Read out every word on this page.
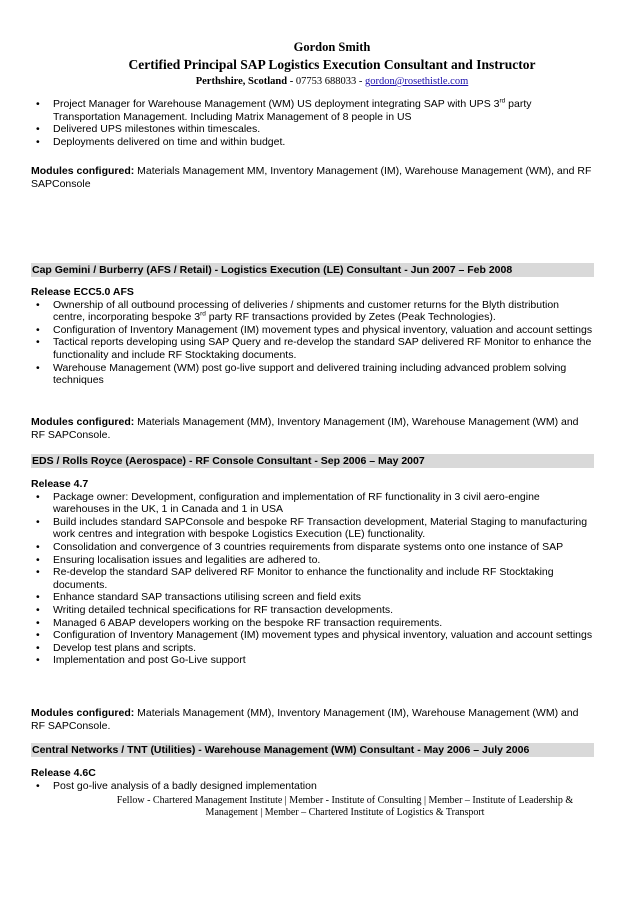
Gordon Smith
Certified Principal SAP Logistics Execution Consultant and Instructor
Perthshire, Scotland - 07753 688033 - gordon@rosethistle.com
• Project Manager for Warehouse Management (WM) US deployment integrating SAP with UPS 3rd party Transportation Management. Including Matrix Management of 8 people in US
• Delivered UPS milestones within timescales.
• Deployments delivered on time and within budget.

Modules configured: Materials Management MM, Inventory Management (IM), Warehouse Management (WM), and RF SAPConsole

Cap Gemini / Burberry (AFS / Retail) - Logistics Execution (LE) Consultant - Jun 2007 – Feb 2008
Release ECC5.0 AFS
• Ownership of all outbound processing of deliveries / shipments and customer returns for the Blyth distribution centre, incorporating bespoke 3rd party RF transactions provided by Zetes (Peak Technologies).
• Configuration of Inventory Management (IM) movement types and physical inventory, valuation and account settings
• Tactical reports developing using SAP Query and re-develop the standard SAP delivered RF Monitor to enhance the functionality and include RF Stocktaking documents.
• Warehouse Management (WM) post go-live support and delivered training including advanced problem solving techniques

Modules configured: Materials Management (MM), Inventory Management (IM), Warehouse Management (WM) and RF SAPConsole.

EDS / Rolls Royce (Aerospace) - RF Console Consultant - Sep 2006 – May 2007
Release 4.7
• Package owner: Development, configuration and implementation of RF functionality in 3 civil aero-engine warehouses in the UK, 1 in Canada and 1 in USA
• Build includes standard SAPConsole and bespoke RF Transaction development, Material Staging to manufacturing work centres and integration with bespoke Logistics Execution (LE) functionality.
• Consolidation and convergence of 3 countries requirements from disparate systems onto one instance of SAP
• Ensuring localisation issues and legalities are adhered to.
• Re-develop the standard SAP delivered RF Monitor to enhance the functionality and include RF Stocktaking documents.
• Enhance standard SAP transactions utilising screen and field exits
• Writing detailed technical specifications for RF transaction developments.
• Managed 6 ABAP developers working on the bespoke RF transaction requirements.
• Configuration of Inventory Management (IM) movement types and physical inventory, valuation and account settings
• Develop test plans and scripts.
• Implementation and post Go-Live support

Modules configured: Materials Management (MM), Inventory Management (IM), Warehouse Management (WM) and RF SAPConsole.

Central Networks / TNT (Utilities) - Warehouse Management (WM) Consultant - May 2006 – July 2006
Release 4.6C
• Post go-live analysis of a badly designed implementation
Fellow - Chartered Management Institute | Member - Institute of Consulting | Member – Institute of Leadership & Management | Member – Chartered Institute of Logistics & Transport
